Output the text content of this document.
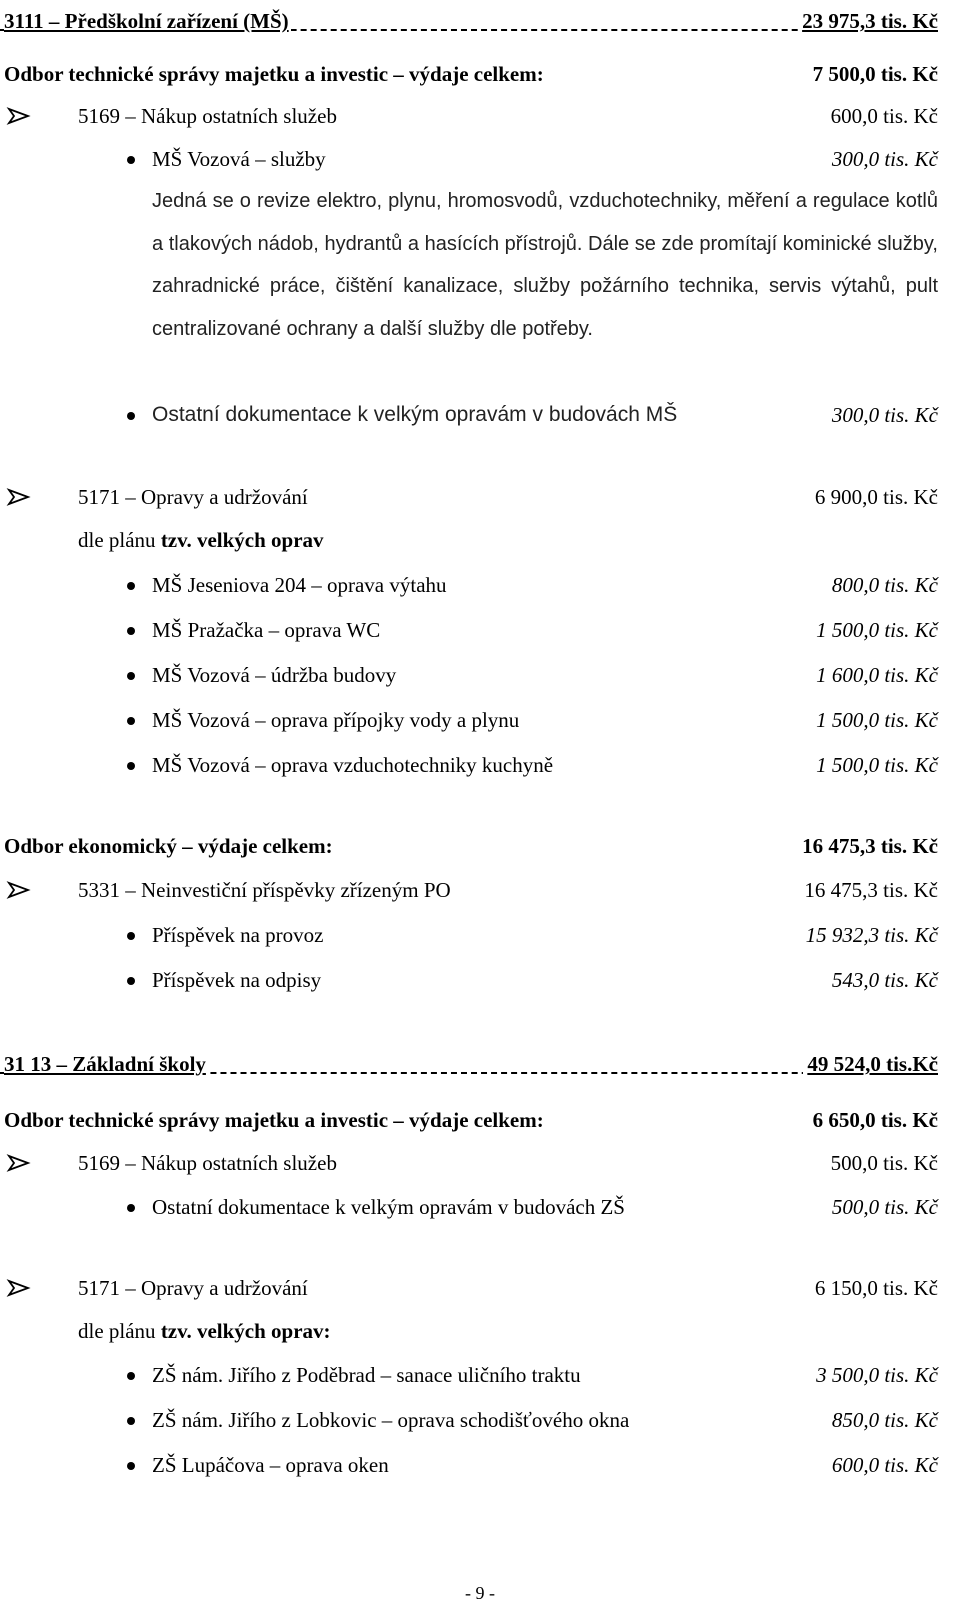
3111 – Předškolní zařízení (MŠ)	23 975,3 tis. Kč
Odbor technické správy majetku a investic – výdaje celkem:	7 500,0 tis. Kč
5169 – Nákup ostatních služeb	600,0 tis. Kč
MŠ Vozová – služby	300,0 tis. Kč
Jedná se o revize elektro, plynu, hromosvodů, vzduchotechniky, měření a regulace kotlů a tlakových nádob, hydrantů a hasících přístrojů. Dále se zde promítají kominické služby, zahradnické práce, čištění kanalizace, služby požárního technika, servis výtahů, pult centralizované ochrany a další služby dle potřeby.
Ostatní dokumentace k velkým opravám v budovách MŠ	300,0 tis. Kč
5171 – Opravy a udržování	6 900,0 tis. Kč
dle plánu tzv. velkých oprav
MŠ Jeseniova 204 – oprava výtahu	800,0 tis. Kč
MŠ Pražačka – oprava WC	1 500,0 tis. Kč
MŠ Vozová – údržba budovy	1 600,0 tis. Kč
MŠ Vozová – oprava přípojky vody a plynu	1 500,0 tis. Kč
MŠ Vozová – oprava vzduchotechniky kuchyně	1 500,0 tis. Kč
Odbor ekonomický – výdaje celkem:	16 475,3 tis. Kč
5331 – Neinvestiční příspěvky zřízeným PO	16 475,3 tis. Kč
Příspěvek na provoz	15 932,3 tis. Kč
Příspěvek na odpisy	543,0 tis. Kč
31 13 – Základní školy	49 524,0 tis.Kč
Odbor technické správy majetku a investic – výdaje celkem:	6 650,0 tis. Kč
5169 – Nákup ostatních služeb	500,0 tis. Kč
Ostatní dokumentace k velkým opravám v budovách ZŠ	500,0 tis. Kč
5171 – Opravy a udržování	6 150,0 tis. Kč
dle plánu tzv. velkých oprav:
ZŠ nám. Jiřího z Poděbrad – sanace uličního traktu	3 500,0 tis. Kč
ZŠ nám. Jiřího z Lobkovic – oprava schodišťového okna	850,0 tis. Kč
ZŠ Lupáčova – oprava oken	600,0 tis. Kč
- 9 -
